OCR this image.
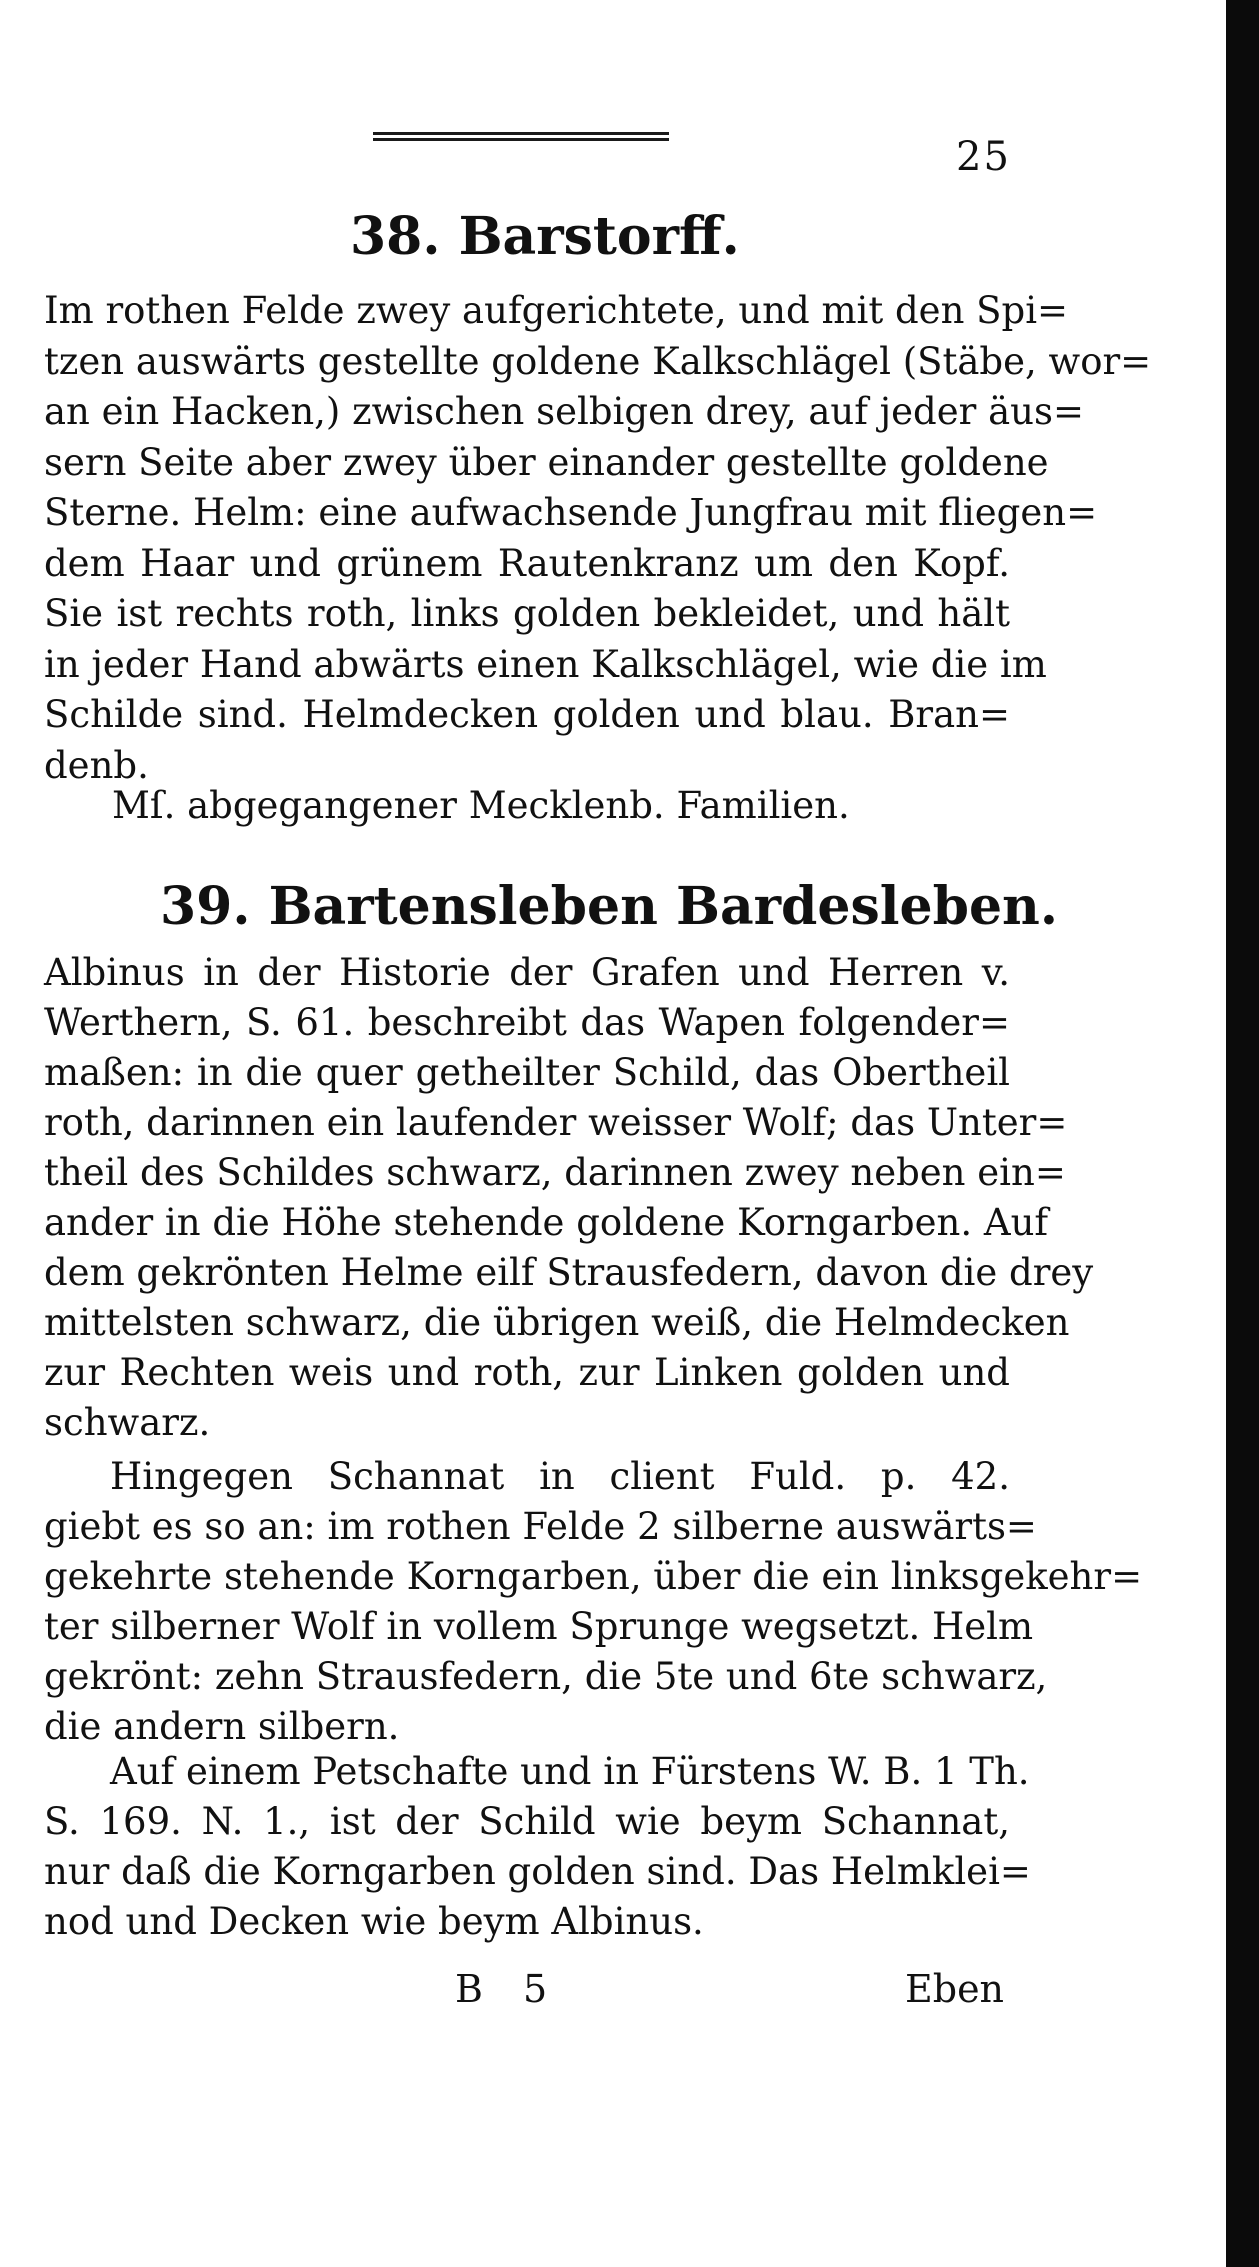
25
38. Barstorff.
Im rothen Felde zwey aufgerichtete, und mit den Spi=
tzen auswärts gestellte goldene Kalkschlägel (Stäbe, wor=
an ein Hacken,) zwischen selbigen drey, auf jeder äus=
sern Seite aber zwey über einander gestellte goldene
Sterne. Helm: eine aufwachsende Jungfrau mit fliegen=
dem Haar und grünem Rautenkranz um den Kopf.
Sie ist rechts roth, links golden bekleidet, und hält
in jeder Hand abwärts einen Kalkschlägel, wie die im
Schilde sind. Helmdecken golden und blau. Bran=
denb.
Mſ. abgegangener Mecklenb. Familien.
39. Bartensleben Bardesleben.
Albinus in der Historie der Grafen und Herren v.
Werthern, S. 61. beschreibt das Wapen folgender=
maßen: in die quer getheilter Schild, das Obertheil
roth, darinnen ein laufender weisser Wolf; das Unter=
theil des Schildes schwarz, darinnen zwey neben ein=
ander in die Höhe stehende goldene Korngarben. Auf
dem gekrönten Helme eilf Strausfedern, davon die drey
mittelsten schwarz, die übrigen weiß, die Helmdecken
zur Rechten weis und roth, zur Linken golden und
schwarz.
Hingegen Schannat in client Fuld. p. 42.
giebt es so an: im rothen Felde 2 silberne auswärts=
gekehrte stehende Korngarben, über die ein linksgekehr=
ter silberner Wolf in vollem Sprunge wegsetzt. Helm
gekrönt: zehn Strausfedern, die 5te und 6te schwarz,
die andern silbern.
Auf einem Petschafte und in Fürstens W. B. 1 Th.
S. 169. N. 1., ist der Schild wie beym Schannat,
nur daß die Korngarben golden sind. Das Helmklei=
nod und Decken wie beym Albinus.
B 5	Eben
